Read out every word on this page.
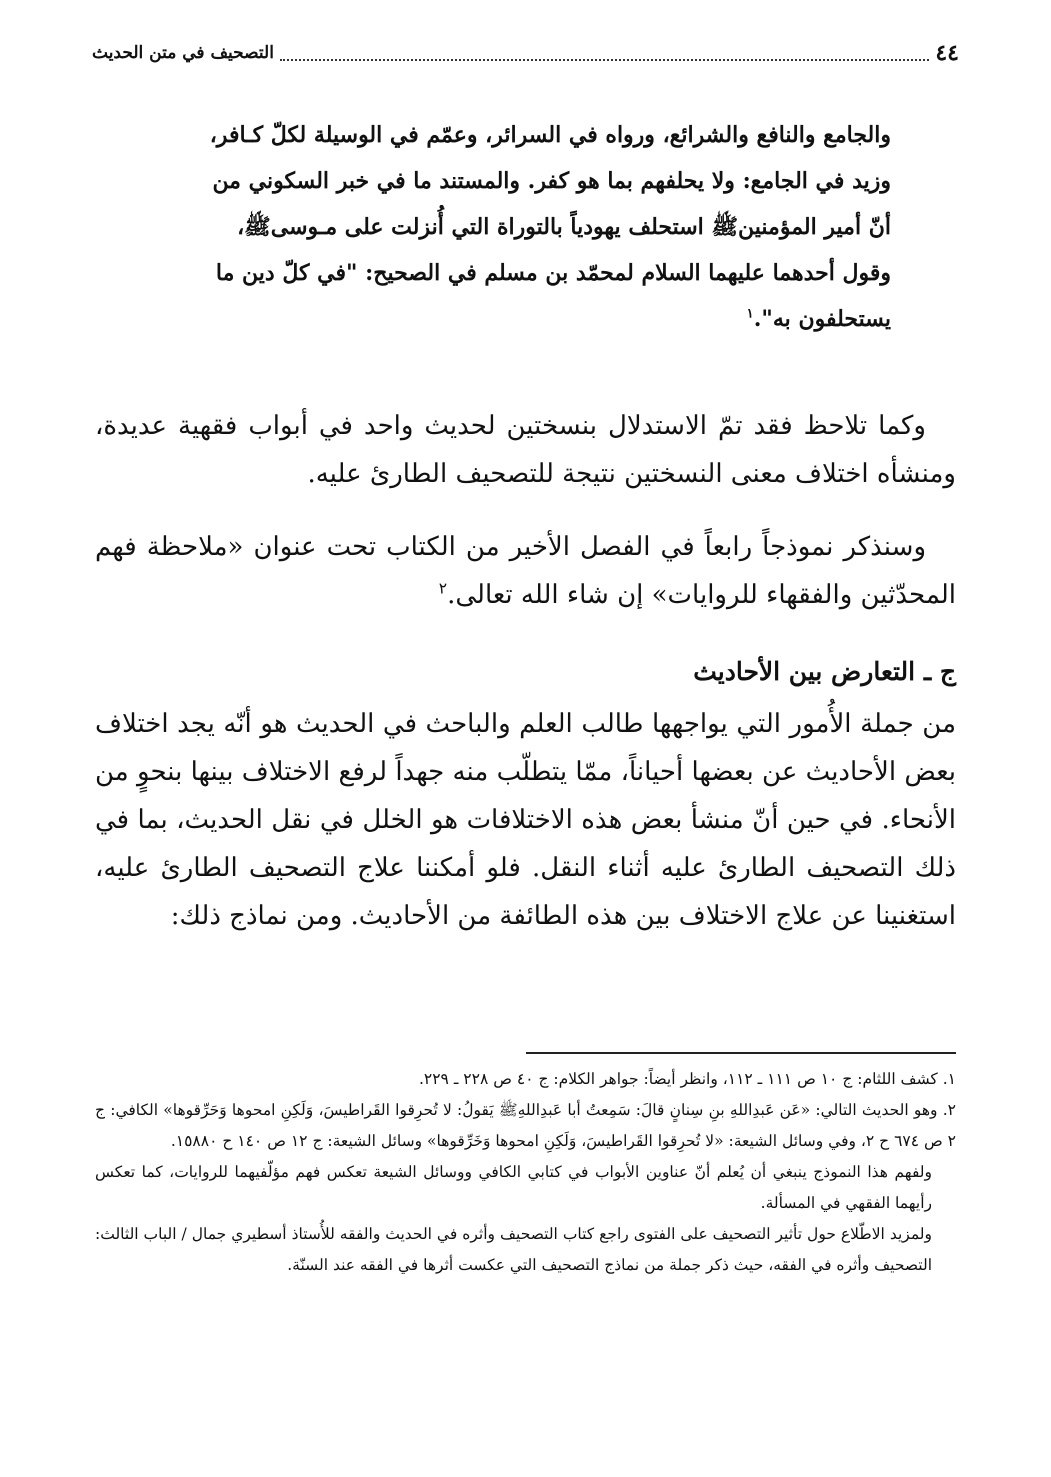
٤٤
التصحيف في متن الحديث

والجامع والنافع والشرائع، ورواه في السرائر، وعمّم في الوسيلة لكلّ كـافر،

وزيد في الجامع: ولا يحلفهم بما هو كفر. والمستند ما في خبر السكوني من

أنّ أمير المؤمنينﷺ استحلف يهودياً بالتوراة التي أُنزلت على مـوسىﷺ،

وقول أحدهما عليهما السلام لمحمّد بن مسلم في الصحيح: "في كلّ دين ما

يستحلفون به".$^١$

وكما تلاحظ فقد تمّ الاستدلال بنسختين لحديث واحد في أبواب فقهية عديدة، ومنشأه اختلاف معنى النسختين نتيجة للتصحيف الطارئ عليه.

وسنذكر نموذجاً رابعاً في الفصل الأخير من الكتاب تحت عنوان «ملاحظة فهم المحدّثين والفقهاء للروايات» إن شاء الله تعالى.$^٢$

ج ـ التعارض بين الأحاديث

من جملة الأُمور التي يواجهها طالب العلم والباحث في الحديث هو أنّه يجد اختلاف بعض الأحاديث عن بعضها أحياناً، ممّا يتطلّب منه جهداً لرفع الاختلاف بينها بنحوٍ من الأنحاء. في حين أنّ منشأ بعض هذه الاختلافات هو الخلل في نقل الحديث، بما في ذلك التصحيف الطارئ عليه أثناء النقل. فلو أمكننا علاج التصحيف الطارئ عليه، استغنينا عن علاج الاختلاف بين هذه الطائفة من الأحاديث. ومن نماذج ذلك:

١. كشف اللثام: ج ١٠ ص ١١١ ـ ١١٢، وانظر أيضاً: جواهر الكلام: ج ٤٠ ص ٢٢٨ ـ ٢٢٩.

٢. وهو الحديث التالي: «عَن عَبدِاللهِ بنِ سِنانٍ قالَ: سَمِعتُ أبا عَبدِاللهِﷺ يَقولُ: لا تُحرِقوا القَراطيسَ، وَلَكِنِ امحوها وَحَرِّقوها» الكافي: ج ٢ ص ٦٧٤ ح ٢، وفي وسائل الشيعة: «لا تُحرِقوا القَراطيسَ، وَلَكِنِ امحوها وَخَرِّقوها» وسائل الشيعة: ج ١٢ ص ١٤٠ ح ١٥٨٨٠.

ولفهم هذا النموذج ينبغي أن يُعلم أنّ عناوين الأبواب في كتابي الكافي ووسائل الشيعة تعكس فهم مؤلّفيهما للروايات، كما تعكس رأيهما الفقهي في المسألة.

ولمزيد الاطّلاع حول تأثير التصحيف على الفتوى راجع كتاب التصحيف وأثره في الحديث والفقه للأُستاذ أسطيري جمال / الباب الثالث: التصحيف وأثره في الفقه، حيث ذكر جملة من نماذج التصحيف التي عكست أثرها في الفقه عند السنّة.
